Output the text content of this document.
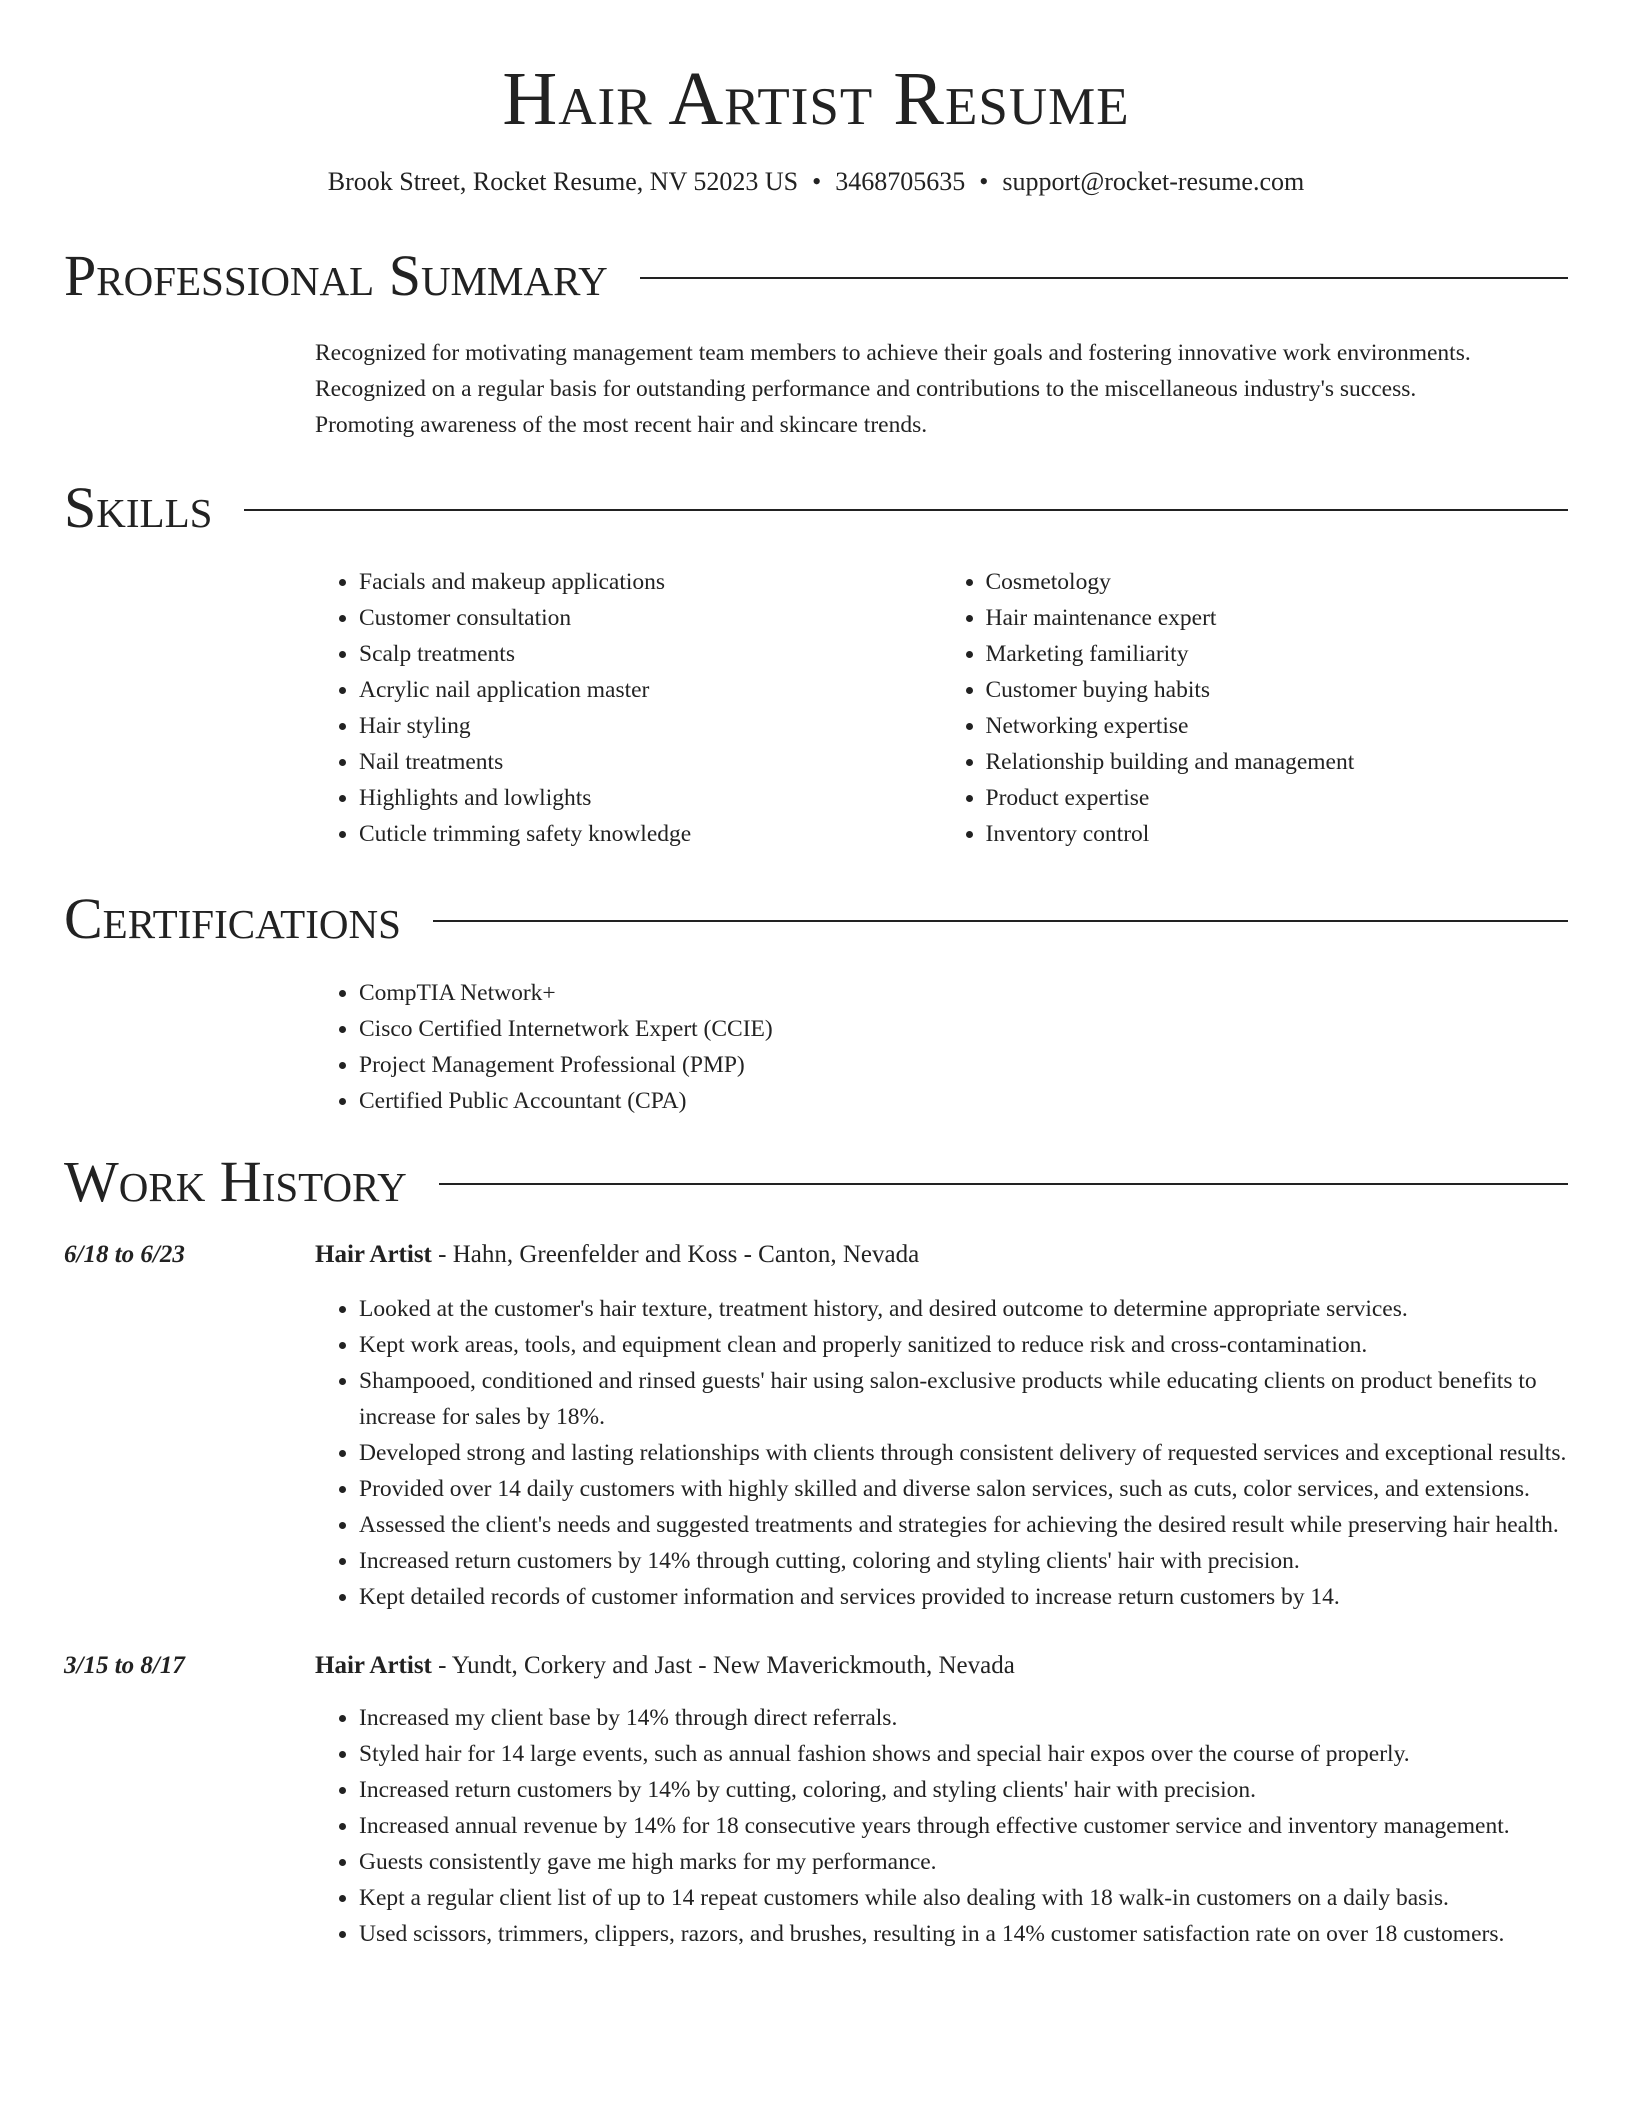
Hair Artist Resume
Brook Street, Rocket Resume, NV 52023 US • 3468705635 • support@rocket-resume.com
Professional Summary
Recognized for motivating management team members to achieve their goals and fostering innovative work environments.
Recognized on a regular basis for outstanding performance and contributions to the miscellaneous industry's success.
Promoting awareness of the most recent hair and skincare trends.
Skills
• Facials and makeup applications
• Customer consultation
• Scalp treatments
• Acrylic nail application master
• Hair styling
• Nail treatments
• Highlights and lowlights
• Cuticle trimming safety knowledge
• Cosmetology
• Hair maintenance expert
• Marketing familiarity
• Customer buying habits
• Networking expertise
• Relationship building and management
• Product expertise
• Inventory control
Certifications
• CompTIA Network+
• Cisco Certified Internetwork Expert (CCIE)
• Project Management Professional (PMP)
• Certified Public Accountant (CPA)
Work History
6/18 to 6/23	Hair Artist - Hahn, Greenfelder and Koss - Canton, Nevada
• Looked at the customer's hair texture, treatment history, and desired outcome to determine appropriate services.
• Kept work areas, tools, and equipment clean and properly sanitized to reduce risk and cross-contamination.
• Shampooed, conditioned and rinsed guests' hair using salon-exclusive products while educating clients on product benefits to increase for sales by 18%.
• Developed strong and lasting relationships with clients through consistent delivery of requested services and exceptional results.
• Provided over 14 daily customers with highly skilled and diverse salon services, such as cuts, color services, and extensions.
• Assessed the client's needs and suggested treatments and strategies for achieving the desired result while preserving hair health.
• Increased return customers by 14% through cutting, coloring and styling clients' hair with precision.
• Kept detailed records of customer information and services provided to increase return customers by 14.
3/15 to 8/17	Hair Artist - Yundt, Corkery and Jast - New Maverickmouth, Nevada
• Increased my client base by 14% through direct referrals.
• Styled hair for 14 large events, such as annual fashion shows and special hair expos over the course of properly.
• Increased return customers by 14% by cutting, coloring, and styling clients' hair with precision.
• Increased annual revenue by 14% for 18 consecutive years through effective customer service and inventory management.
• Guests consistently gave me high marks for my performance.
• Kept a regular client list of up to 14 repeat customers while also dealing with 18 walk-in customers on a daily basis.
• Used scissors, trimmers, clippers, razors, and brushes, resulting in a 14% customer satisfaction rate on over 18 customers.
